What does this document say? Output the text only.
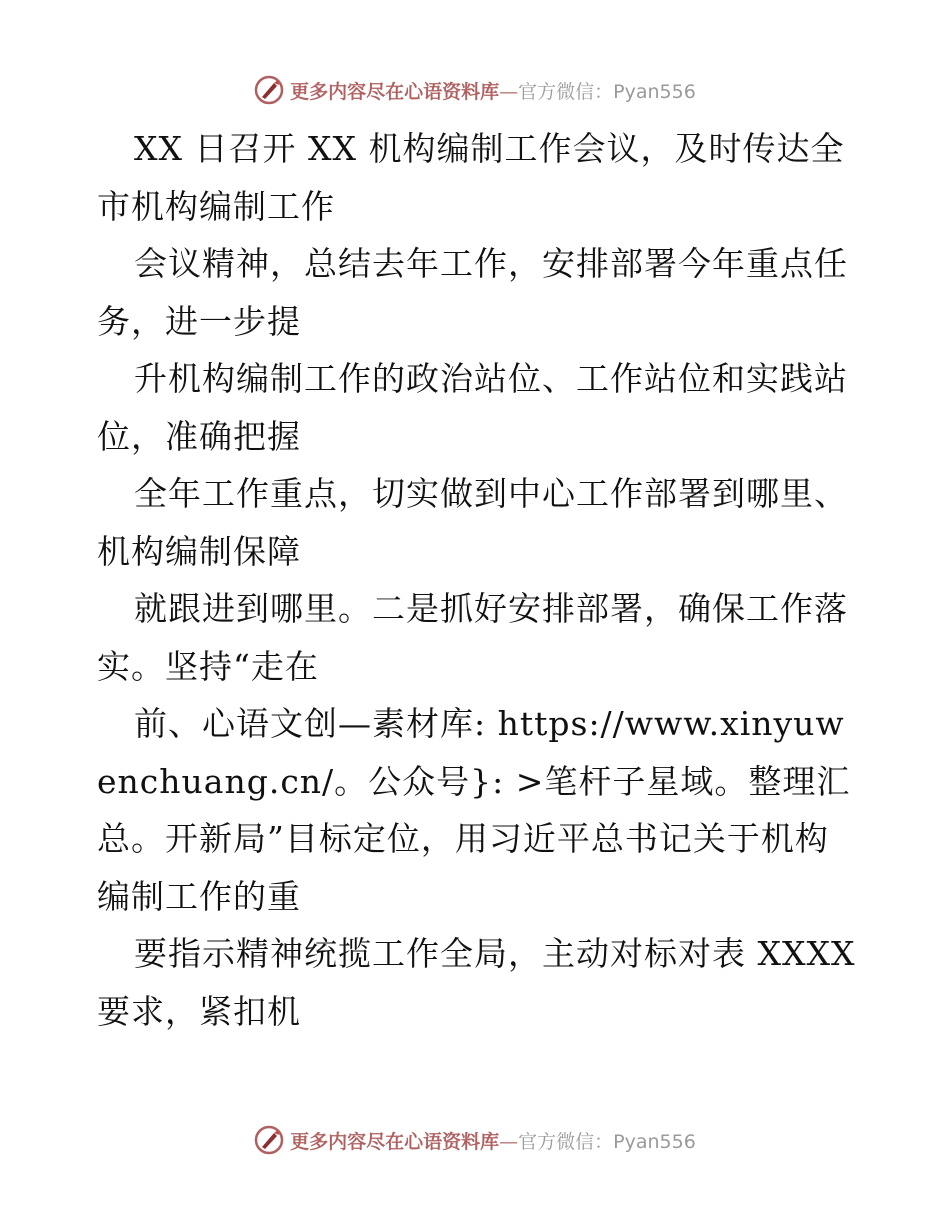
更多内容尽在心语资料库—官方微信：Pyan556

XX 日召开 XX 机构编制工作会议，及时传达全市机构编制工作

会议精神，总结去年工作，安排部署今年重点任务，进一步提

升机构编制工作的政治站位、工作站位和实践站位，准确把握

全年工作重点，切实做到中心工作部署到哪里、机构编制保障

就跟进到哪里。二是抓好安排部署，确保工作落实。坚持“走在

前、心语文创—素材库: https://www.xinyuwenchuang.cn/。公众号}: >笔杆子星域。整理汇总。开新局”目标定位，用习近平总书记关于机构编制工作的重

要指示精神统揽工作全局，主动对标对表 XXXX 要求，紧扣机

更多内容尽在心语资料库—官方微信：Pyan556
